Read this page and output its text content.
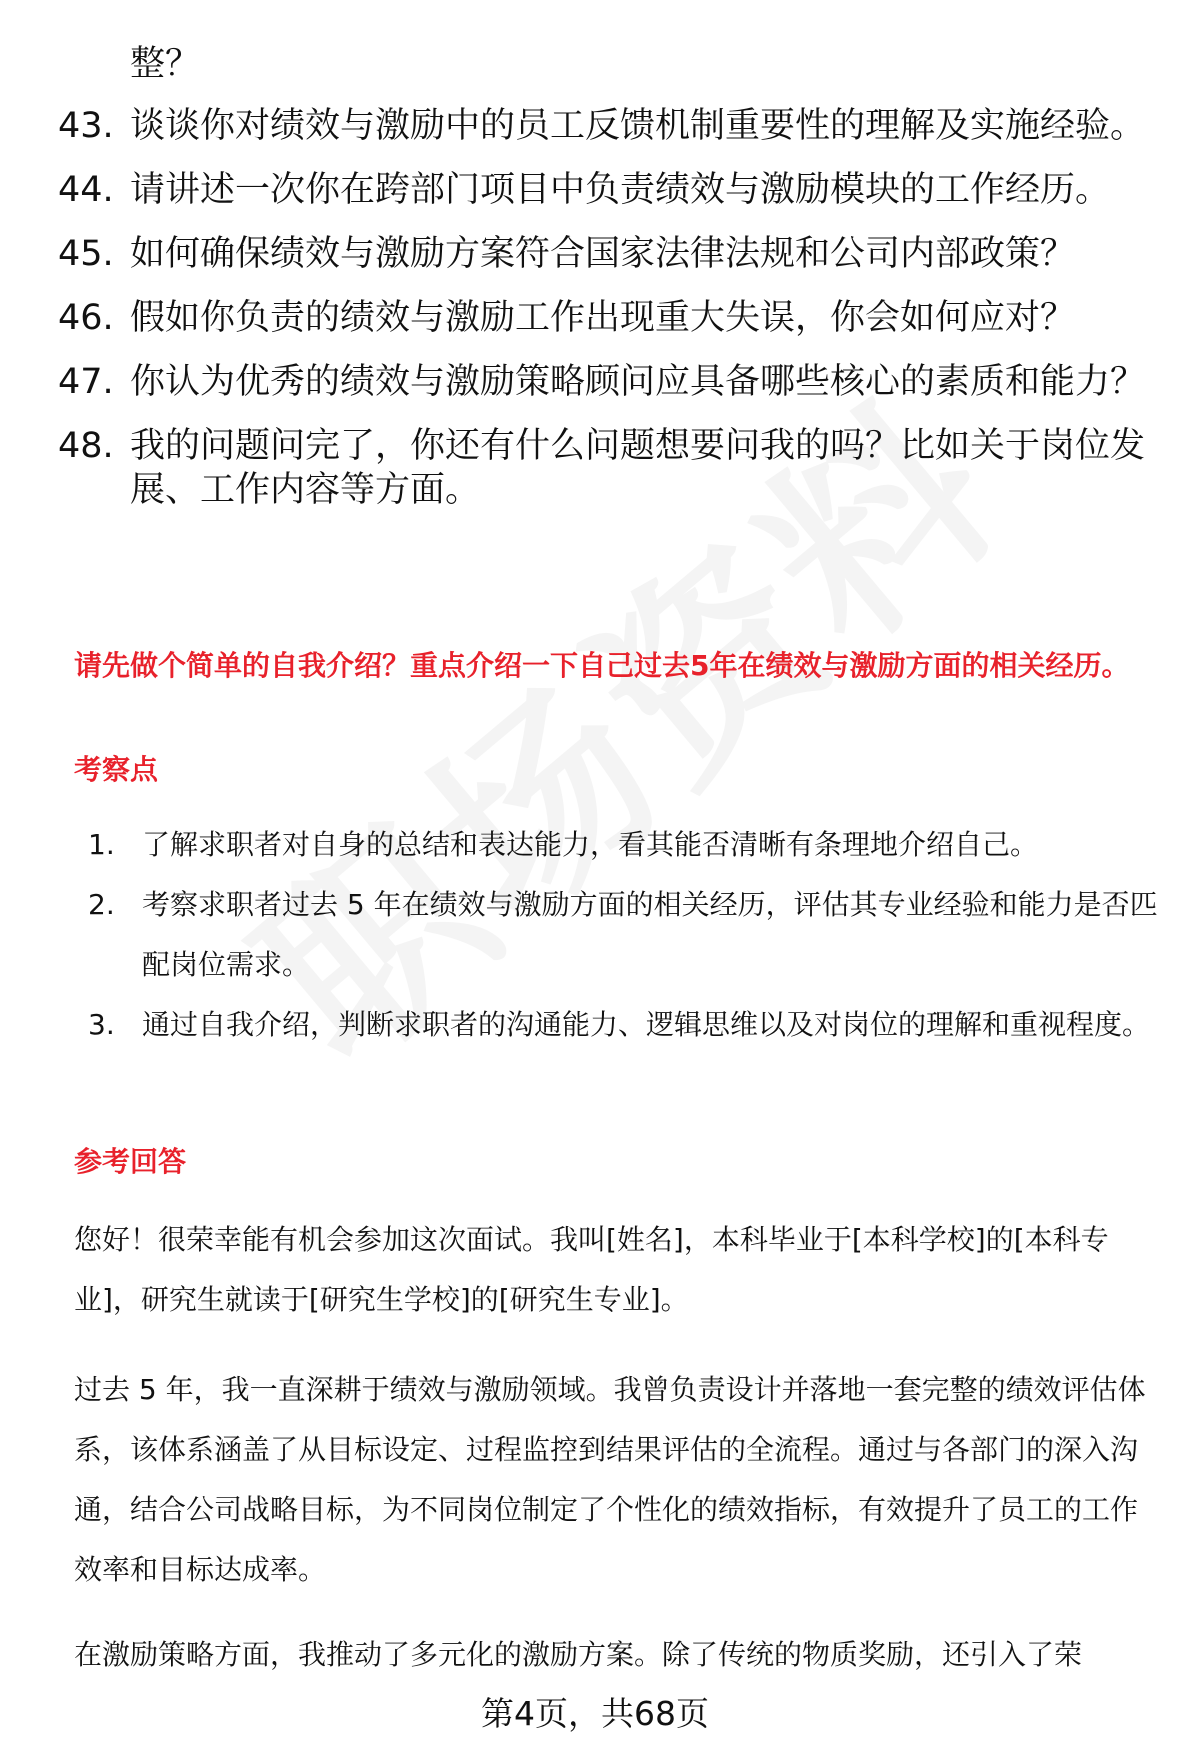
整？
43. 谈谈你对绩效与激励中的员工反馈机制重要性的理解及实施经验。
44. 请讲述一次你在跨部门项目中负责绩效与激励模块的工作经历。
45. 如何确保绩效与激励方案符合国家法律法规和公司内部政策？
46. 假如你负责的绩效与激励工作出现重大失误，你会如何应对？
47. 你认为优秀的绩效与激励策略顾问应具备哪些核心的素质和能力？
48. 我的问题问完了，你还有什么问题想要问我的吗？比如关于岗位发展、工作内容等方面。
请先做个简单的自我介绍？重点介绍一下自己过去5年在绩效与激励方面的相关经历。
考察点
1. 了解求职者对自身的总结和表达能力，看其能否清晰有条理地介绍自己。
2. 考察求职者过去 5 年在绩效与激励方面的相关经历，评估其专业经验和能力是否匹配岗位需求。
3. 通过自我介绍，判断求职者的沟通能力、逻辑思维以及对岗位的理解和重视程度。
参考回答
您好！很荣幸能有机会参加这次面试。我叫[姓名]，本科毕业于[本科学校]的[本科专业]，研究生就读于[研究生学校]的[研究生专业]。
过去 5 年，我一直深耕于绩效与激励领域。我曾负责设计并落地一套完整的绩效评估体系，该体系涵盖了从目标设定、过程监控到结果评估的全流程。通过与各部门的深入沟通，结合公司战略目标，为不同岗位制定了个性化的绩效指标，有效提升了员工的工作效率和目标达成率。
在激励策略方面，我推动了多元化的激励方案。除了传统的物质奖励，还引入了荣
第4页，共68页
